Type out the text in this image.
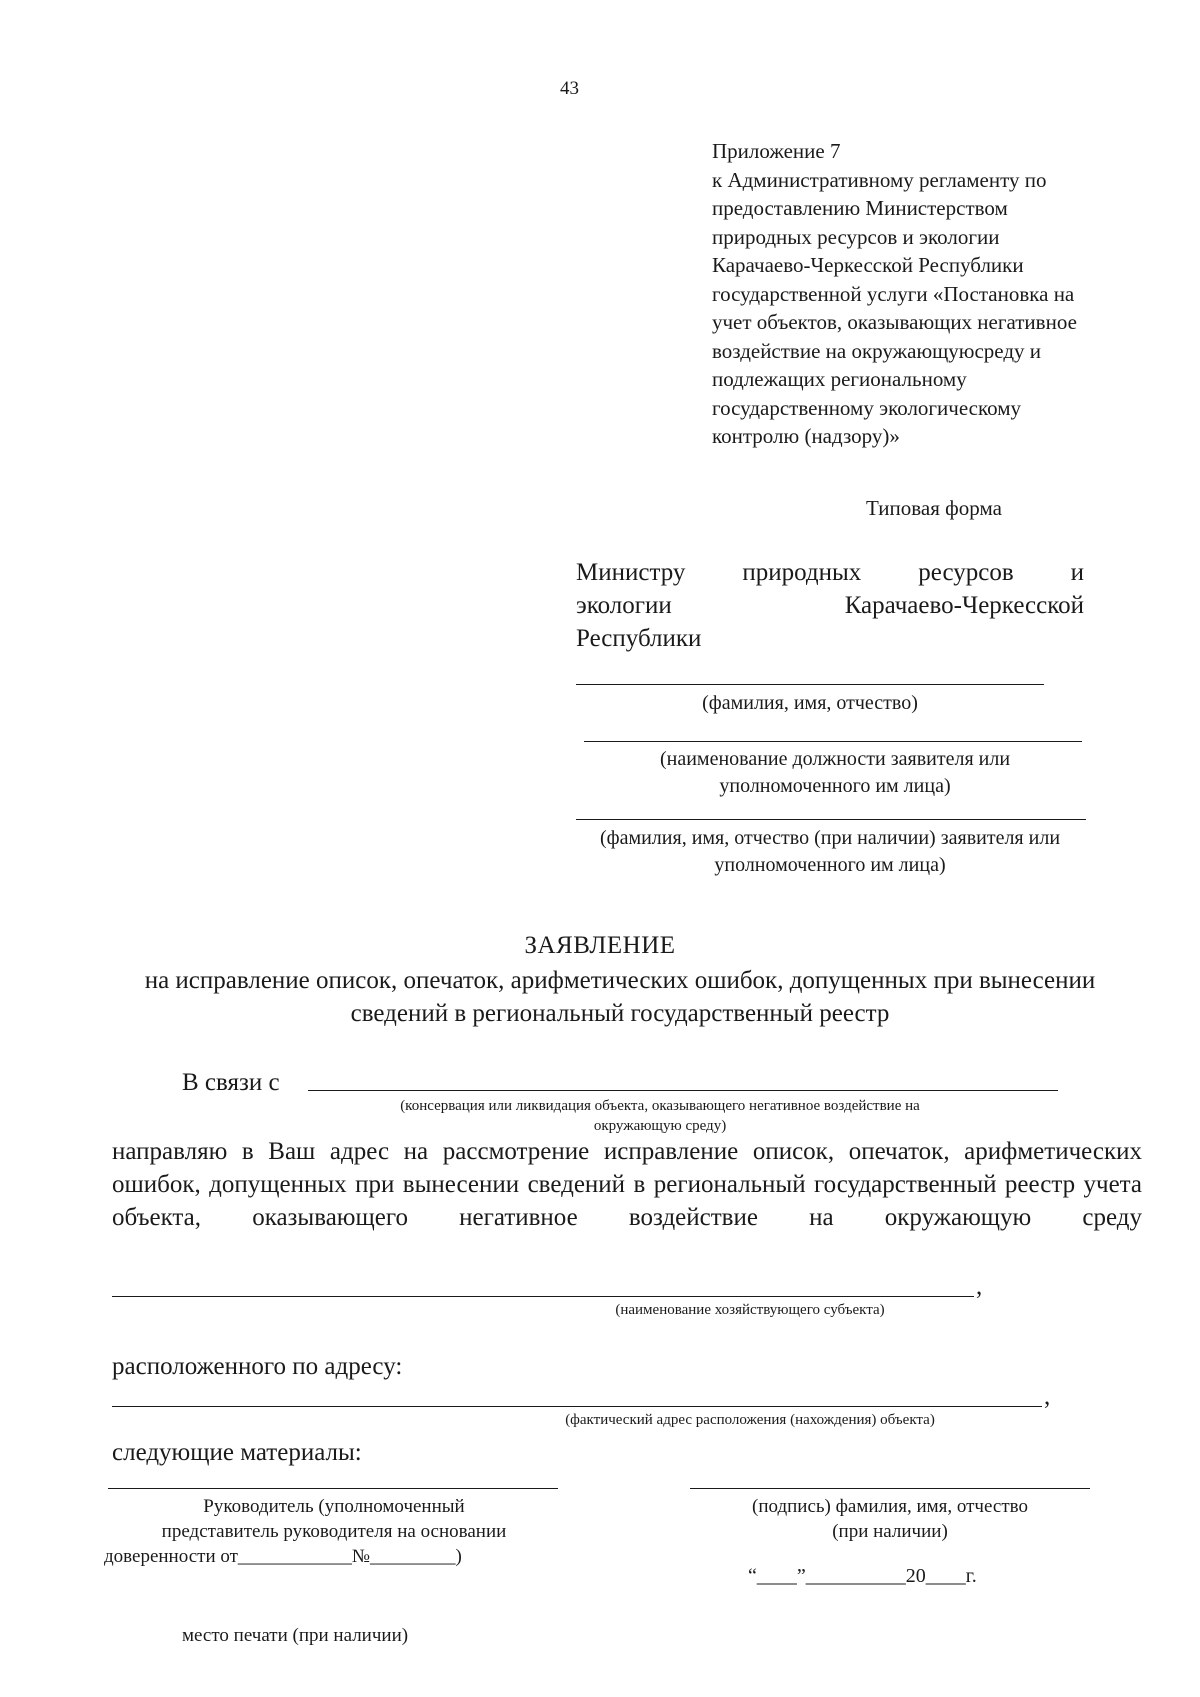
43
Приложение 7
к Административному регламенту по
предоставлению Министерством
природных ресурсов и экологии
Карачаево-Черкесской Республики
государственной услуги «Постановка на
учет объектов, оказывающих негативное
воздействие на окружающуюсреду и
подлежащих региональному
государственному экологическому
контролю (надзору)»
Типовая форма
Министру природных ресурсов и
экологии Карачаево-Черкесской
Республики
(фамилия, имя, отчество)
(наименование должности заявителя или уполномоченного им лица)
(фамилия, имя, отчество (при наличии) заявителя или уполномоченного им лица)
ЗАЯВЛЕНИЕ
на исправление описок, опечаток, арифметических ошибок, допущенных при вынесении сведений в региональный государственный реестр
В связи с
(консервация или ликвидация объекта, оказывающего негативное воздействие на окружающую среду)
направляю в Ваш адрес на рассмотрение исправление описок, опечаток, арифметических ошибок, допущенных при вынесении сведений в региональный государственный реестр учета объекта, оказывающего негативное воздействие на окружающую среду
,
(наименование хозяйствующего субъекта)
расположенного по адресу:
,
(фактический адрес расположения (нахождения) объекта)
следующие материалы:
Руководитель (уполномоченный
представитель руководителя на основании
доверенности от____________№_________)
(подпись) фамилия, имя, отчество (при наличии)
“____”__________20____г.
место печати (при наличии)
